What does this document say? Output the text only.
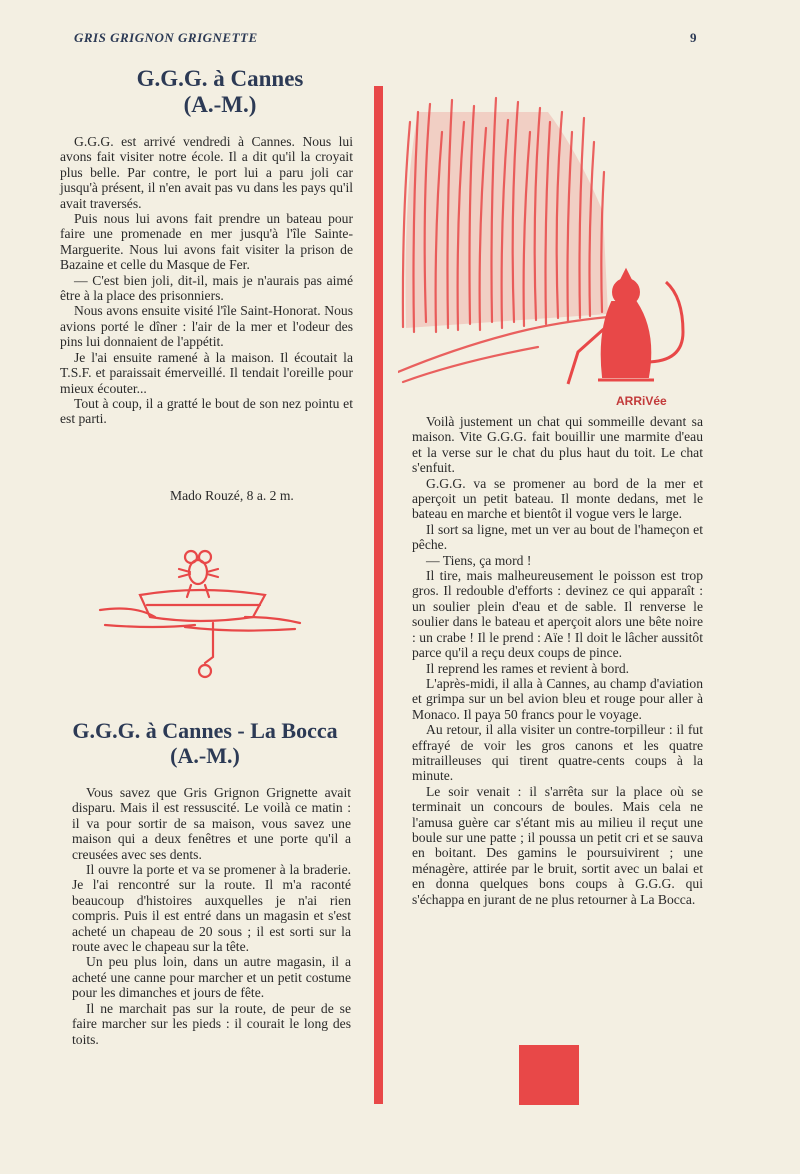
GRIS GRIGNON GRIGNETTE	9
G.G.G. à Cannes
(A.-M.)

G.G.G. est arrivé vendredi à Cannes. Nous lui avons fait visiter notre école. Il a dit qu'il la croyait plus belle. Par contre, le port lui a paru joli car jusqu'à présent, il n'en avait pas vu dans les pays qu'il avait traversés.

Puis nous lui avons fait prendre un bateau pour faire une promenade en mer jusqu'à l'île Sainte-Marguerite. Nous lui avons fait visiter la prison de Bazaine et celle du Masque de Fer.

— C'est bien joli, dit-il, mais je n'aurais pas aimé être à la place des prisonniers.

Nous avons ensuite visité l'île Saint-Honorat. Nous avions porté le dîner : l'air de la mer et l'odeur des pins lui donnaient de l'appétit.

Je l'ai ensuite ramené à la maison. Il écoutait la T.S.F. et paraissait émerveillé. Il tendait l'oreille pour mieux écouter...

Tout à coup, il a gratté le bout de son nez pointu et est parti.

Mado Rouzé, 8 a. 2 m.
ARRiVée
G.G.G. à Cannes - La Bocca
(A.-M.)

Vous savez que Gris Grignon Grignette avait disparu. Mais il est ressuscité. Le voilà ce matin : il va pour sortir de sa maison, vous savez une maison qui a deux fenêtres et une porte qu'il a creusées avec ses dents.

Il ouvre la porte et va se promener à la braderie. Je l'ai rencontré sur la route. Il m'a raconté beaucoup d'histoires auxquelles je n'ai rien compris. Puis il est entré dans un magasin et s'est acheté un chapeau de 20 sous ; il est sorti sur la route avec le chapeau sur la tête.

Un peu plus loin, dans un autre magasin, il a acheté une canne pour marcher et un petit costume pour les dimanches et jours de fête.

Il ne marchait pas sur la route, de peur de se faire marcher sur les pieds : il courait le long des toits.

Voilà justement un chat qui sommeille devant sa maison. Vite G.G.G. fait bouillir une marmite d'eau et la verse sur le chat du plus haut du toit. Le chat s'enfuit.

G.G.G. va se promener au bord de la mer et aperçoit un petit bateau. Il monte dedans, met le bateau en marche et bientôt il vogue vers le large.

Il sort sa ligne, met un ver au bout de l'hameçon et pêche.

— Tiens, ça mord !

Il tire, mais malheureusement le poisson est trop gros. Il redouble d'efforts : devinez ce qui apparaît : un soulier plein d'eau et de sable. Il renverse le soulier dans le bateau et aperçoit alors une bête noire : un crabe ! Il le prend : Aïe ! Il doit le lâcher aussitôt parce qu'il a reçu deux coups de pince.

Il reprend les rames et revient à bord.

L'après-midi, il alla à Cannes, au champ d'aviation et grimpa sur un bel avion bleu et rouge pour aller à Monaco. Il paya 50 francs pour le voyage.

Au retour, il alla visiter un contre-torpilleur : il fut effrayé de voir les gros canons et les quatre mitrailleuses qui tirent quatre-cents coups à la minute.

Le soir venait : il s'arrêta sur la place où se terminait un concours de boules. Mais cela ne l'amusa guère car s'étant mis au milieu il reçut une boule sur une patte ; il poussa un petit cri et se sauva en boitant. Des gamins le poursuivirent ; une ménagère, attirée par le bruit, sortit avec un balai et en donna quelques bons coups à G.G.G. qui s'échappa en jurant de ne plus retourner à La Bocca.
